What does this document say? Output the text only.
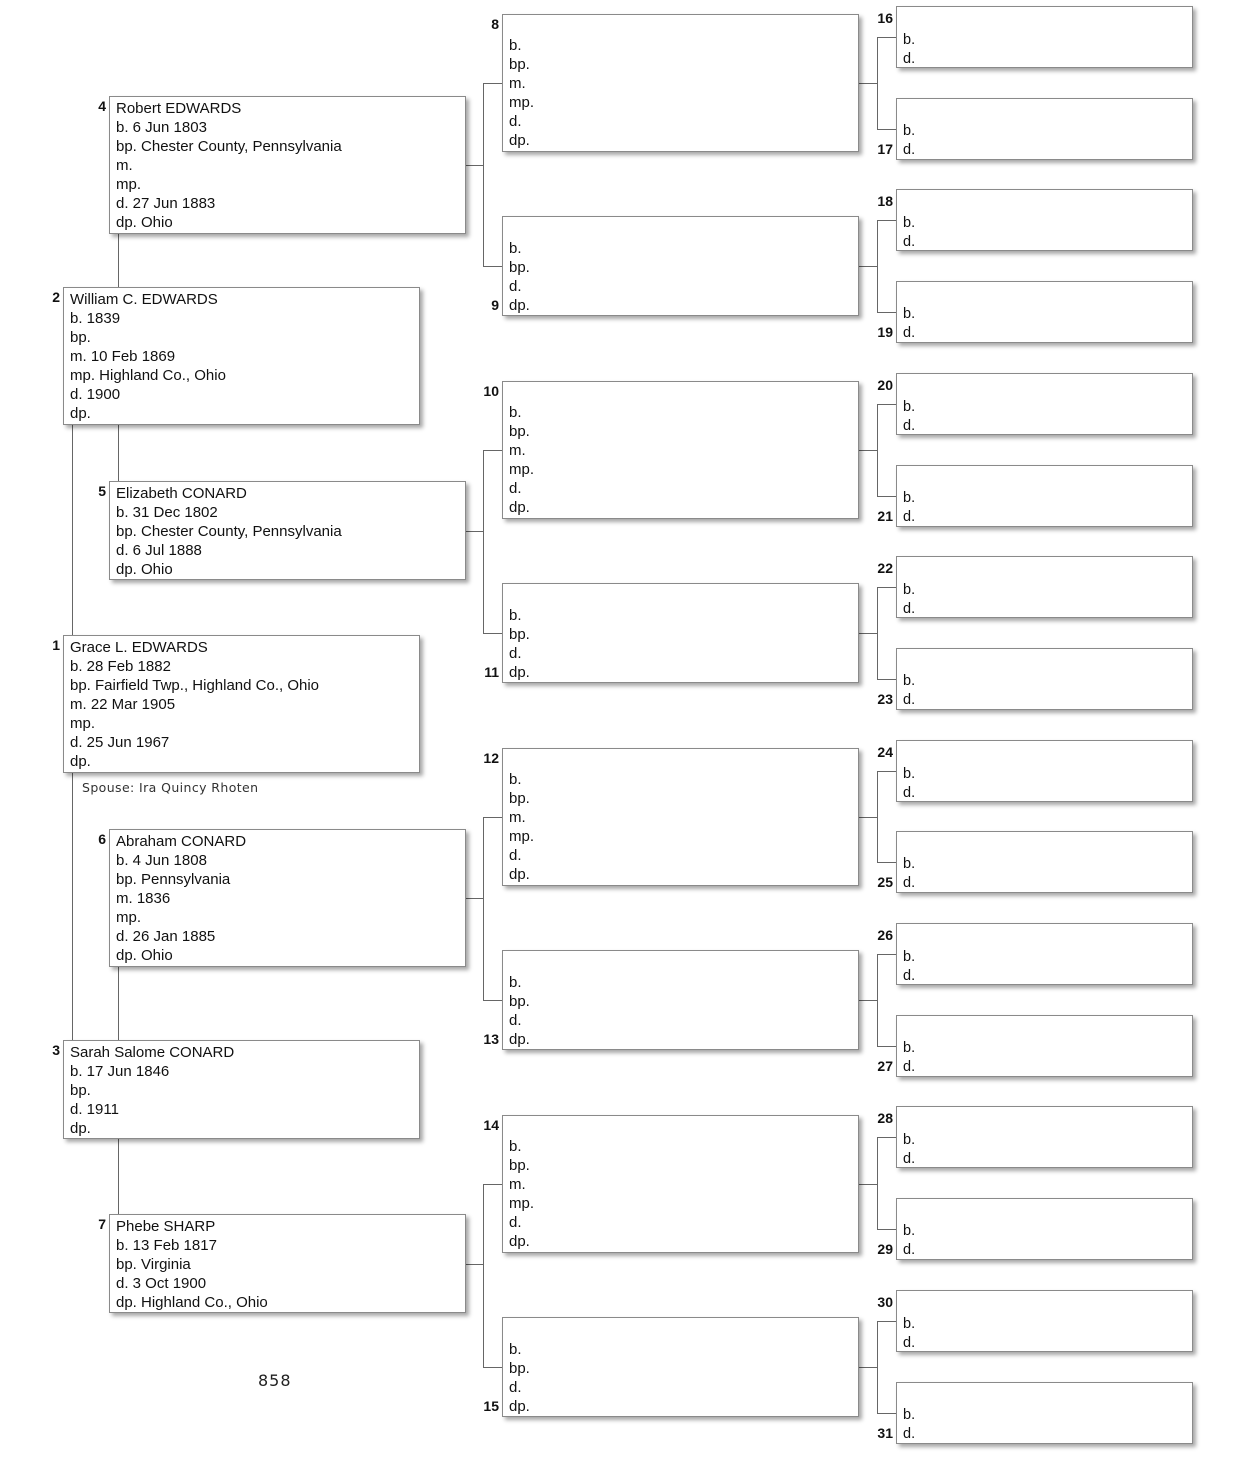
Grace L. EDWARDS
b. 28 Feb 1882
bp. Fairfield Twp., Highland Co., Ohio
m. 22 Mar 1905
mp.
d. 25 Jun 1967
dp.
1
William C. EDWARDS
b. 1839
bp.
m. 10 Feb 1869
mp. Highland Co., Ohio
d. 1900
dp.
2
Sarah Salome CONARD
b. 17 Jun 1846
bp.
d. 1911
dp.
3
Robert EDWARDS
b. 6 Jun 1803
bp. Chester County, Pennsylvania
m.
mp.
d. 27 Jun 1883
dp. Ohio
4
Elizabeth CONARD
b. 31 Dec 1802
bp. Chester County, Pennsylvania
d. 6 Jul 1888
dp. Ohio
5
Abraham CONARD
b. 4 Jun 1808
bp. Pennsylvania
m. 1836
mp.
d. 26 Jan 1885
dp. Ohio
6
Phebe SHARP
b. 13 Feb 1817
bp. Virginia
d. 3 Oct 1900
dp. Highland Co., Ohio
7
b.
bp.
m.
mp.
d.
dp.
8
b.
bp.
d.
dp.
9
b.
bp.
m.
mp.
d.
dp.
10
b.
bp.
d.
dp.
11
b.
bp.
m.
mp.
d.
dp.
12
b.
bp.
d.
dp.
13
b.
bp.
m.
mp.
d.
dp.
14
b.
bp.
d.
dp.
15
b.
d.
16
b.
d.
17
b.
d.
18
b.
d.
19
b.
d.
20
b.
d.
21
b.
d.
22
b.
d.
23
b.
d.
24
b.
d.
25
b.
d.
26
b.
d.
27
b.
d.
28
b.
d.
29
b.
d.
30
b.
d.
31
Spouse: Ira Quincy Rhoten
858
